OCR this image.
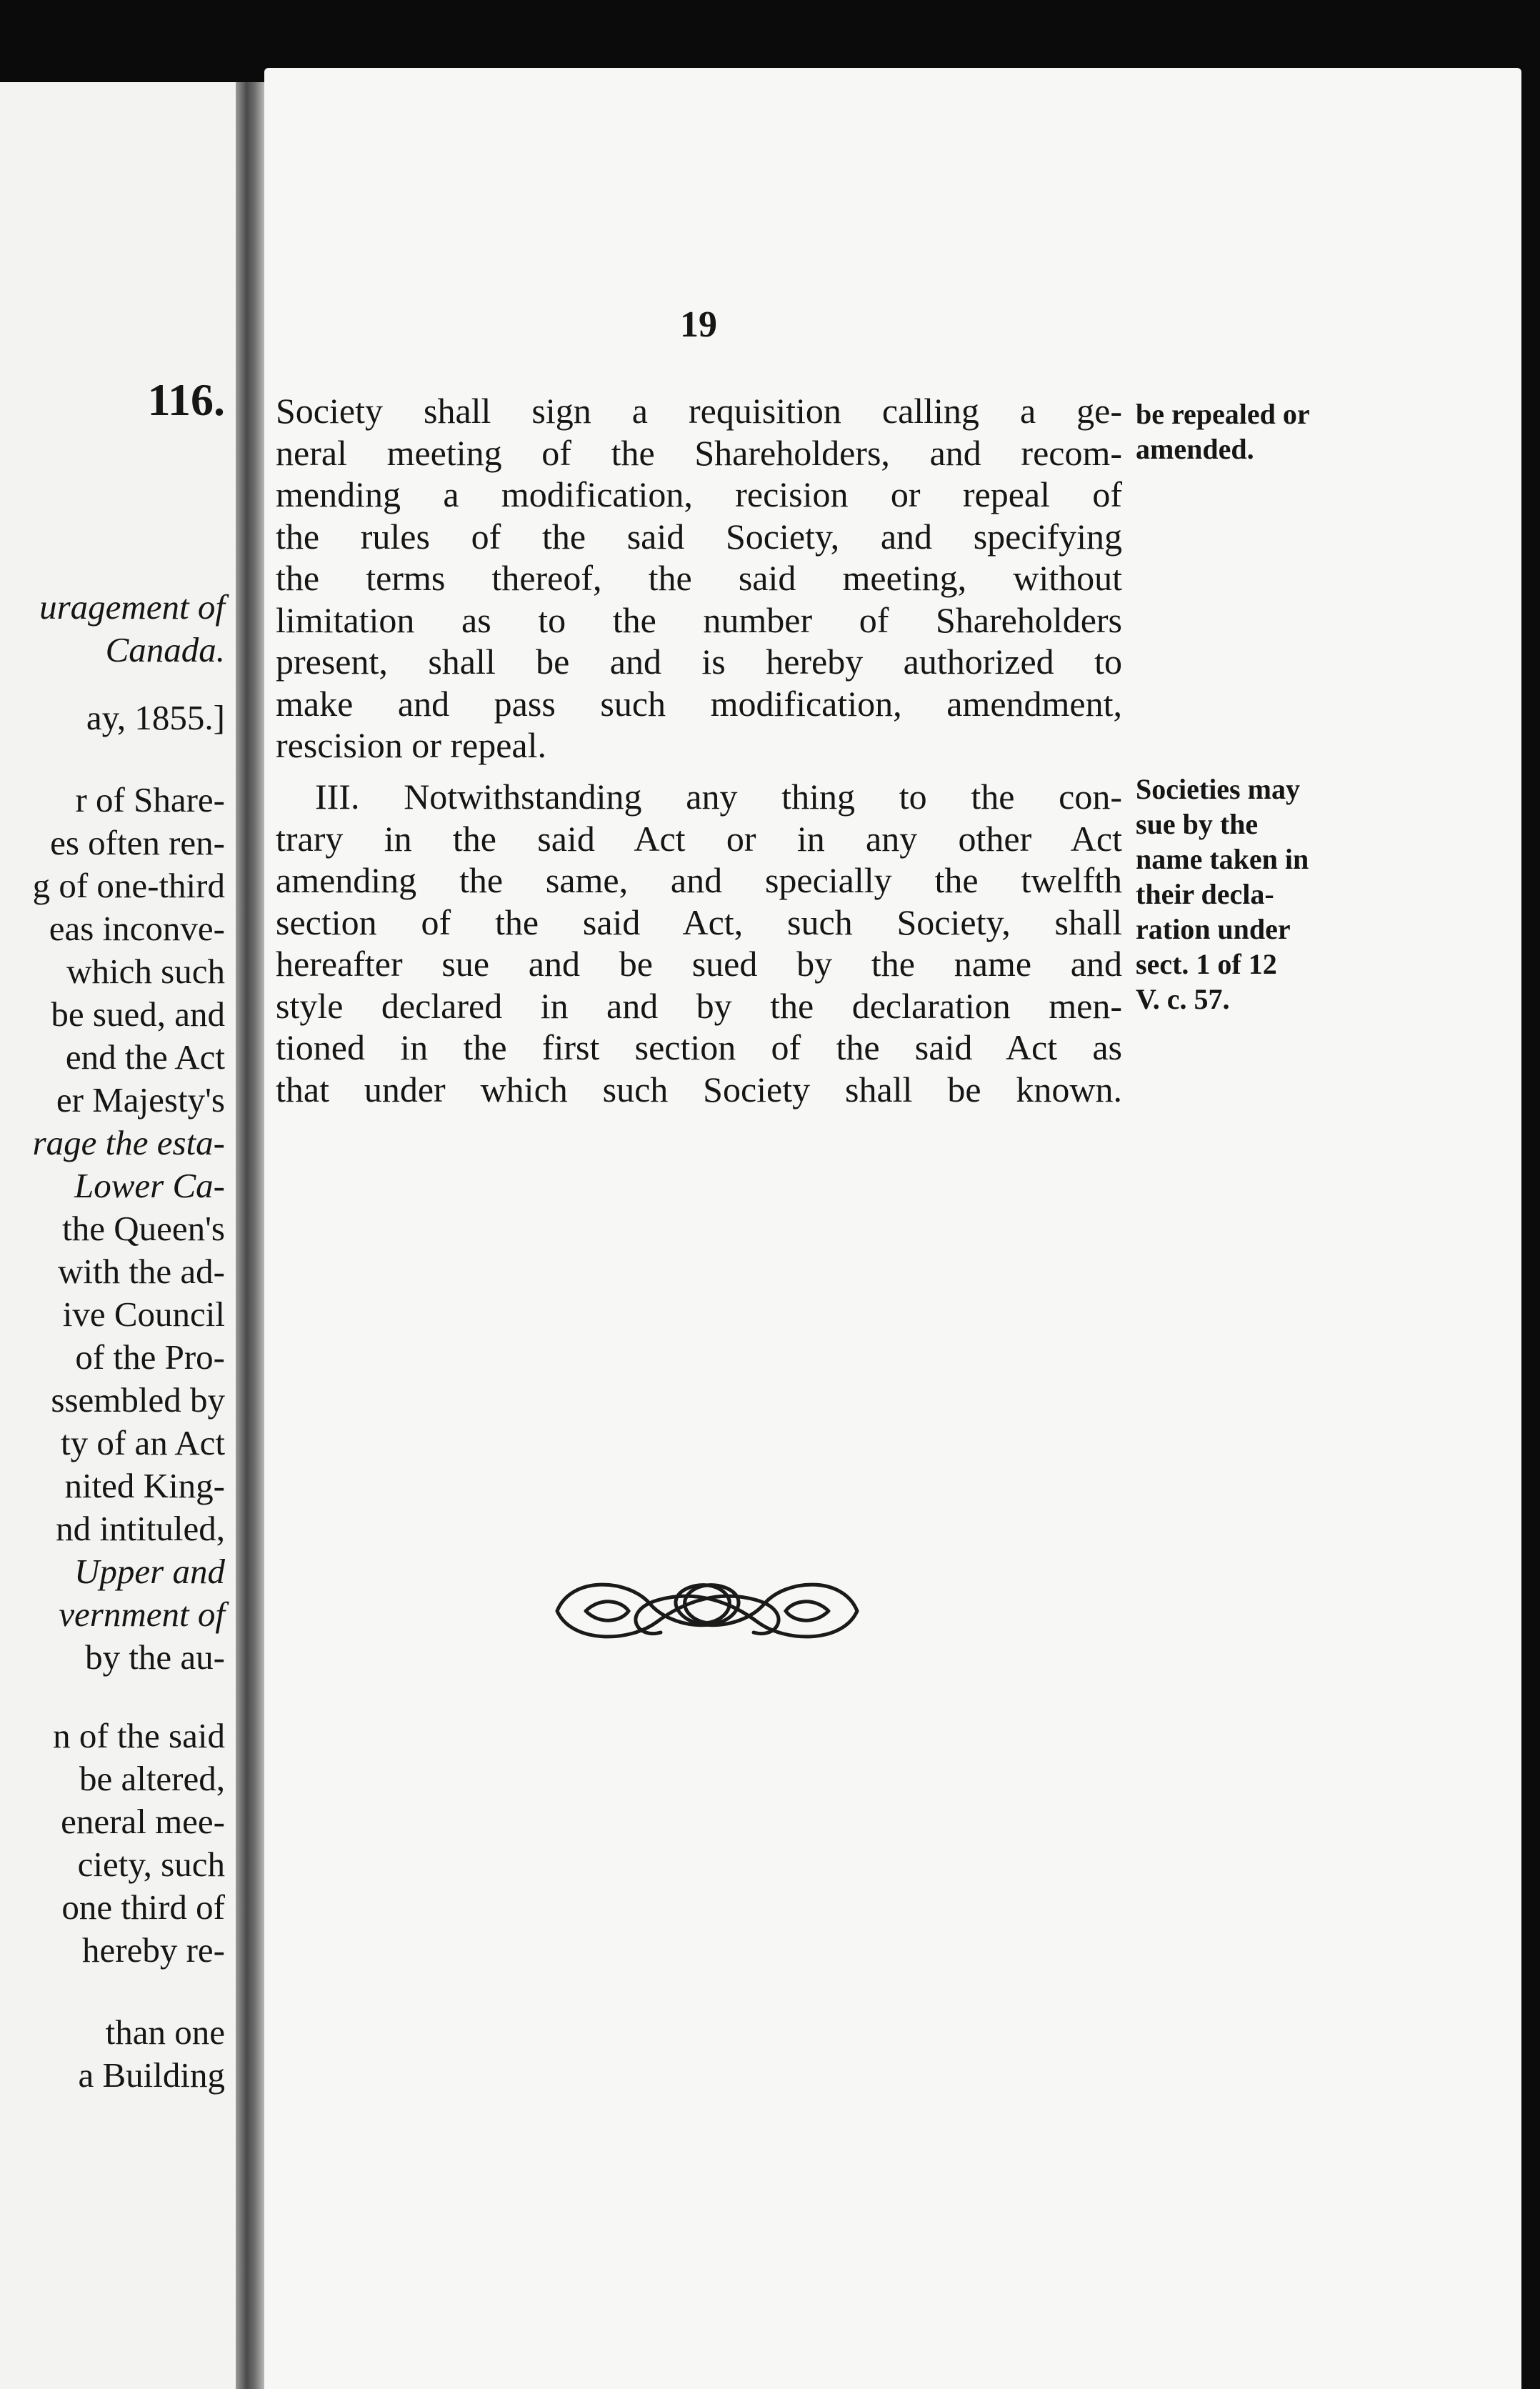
116.
uragement of
Canada.
ay, 1855.]
r of Share-
es often ren-
g of one-third
eas inconve-
which such
be sued, and
end the Act
er Majesty's
rage the esta-
Lower Ca-
the Queen's
with the ad-
ive Council
of the Pro-
ssembled by
ty of an Act
nited King-
nd intituled,
Upper and
vernment of
by the au-
n of the said
be altered,
eneral mee-
ciety, such
one third of
hereby re-
than one
a Building
19
Society shall sign a requisition calling a ge-
neral meeting of the Shareholders, and recom-
mending a modification, recision or repeal of
the rules of the said Society, and specifying
the terms thereof, the said meeting, without
limitation as to the number of Shareholders
present, shall be and is hereby authorized to
make and pass such modification, amendment,
rescision or repeal.
III. Notwithstanding any thing to the con-
trary in the said Act or in any other Act
amending the same, and specially the twelfth
section of the said Act, such Society, shall
hereafter sue and be sued by the name and
style declared in and by the declaration men-
tioned in the first section of the said Act as
that under which such Society shall be known.
be repealed or
amended.
Societies may
sue by the
name taken in
their decla-
ration under
sect. 1 of 12
V. c. 57.
